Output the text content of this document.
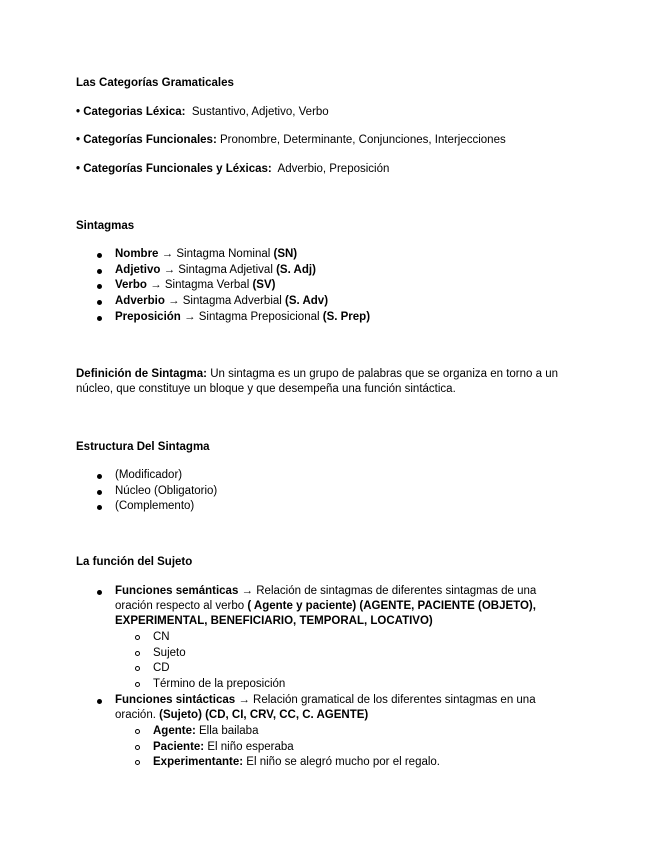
Las Categorías Gramaticales
• Categorias Léxica: Sustantivo, Adjetivo, Verbo
• Categorías Funcionales: Pronombre, Determinante, Conjunciones, Interjecciones
• Categorías Funcionales y Léxicas: Adverbio, Preposición
Sintagmas
Nombre → Sintagma Nominal (SN)
Adjetivo → Sintagma Adjetival (S. Adj)
Verbo → Sintagma Verbal (SV)
Adverbio → Sintagma Adverbial (S. Adv)
Preposición → Sintagma Preposicional (S. Prep)
Definición de Sintagma: Un sintagma es un grupo de palabras que se organiza en torno a un núcleo, que constituye un bloque y que desempeña una función sintáctica.
Estructura Del Sintagma
(Modificador)
Núcleo (Obligatorio)
(Complemento)
La función del Sujeto
Funciones semánticas → Relación de sintagmas de diferentes sintagmas de una oración respecto al verbo ( Agente y paciente) (AGENTE, PACIENTE (OBJETO), EXPERIMENTAL, BENEFICIARIO, TEMPORAL, LOCATIVO)
CN
Sujeto
CD
Término de la preposición
Funciones sintácticas → Relación gramatical de los diferentes sintagmas en una oración. (Sujeto) (CD, CI, CRV, CC, C. AGENTE)
Agente: Ella bailaba
Paciente: El niño esperaba
Experimentante: El niño se alegró mucho por el regalo.
